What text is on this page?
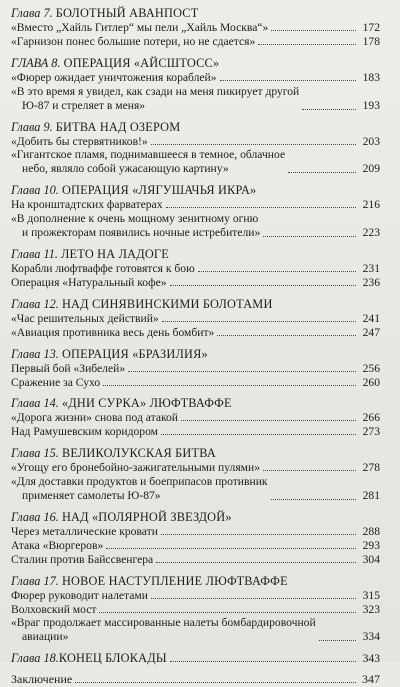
Глава 7. БОЛОТНЫЙ АВАНПОСТ
«Вместо „Хайль Гитлер“ мы пели „Хайль Москва“»	172
«Гарнизон понес большие потери, но не сдается»	178
ГЛАВА 8. ОПЕРАЦИЯ «АЙСШТОСС»
«Фюрер ожидает уничтожения кораблей»	183
«В это время я увидел, как сзади на меня пикирует другой
Ю-87 и стреляет в меня»	193
Глава 9. БИТВА НАД ОЗЕРОМ
«Добить бы стервятников!»	203
«Гигантское пламя, поднимавшееся в темное, облачное
небо, являло собой ужасающую картину»	209
Глава 10. ОПЕРАЦИЯ «ЛЯГУШАЧЬЯ ИКРА»
На кронштадтских фарватерах	216
«В дополнение к очень мощному зенитному огню
и прожекторам появились ночные истребители»	223
Глава 11. ЛЕТО НА ЛАДОГЕ
Корабли люфтваффе готовятся к бою	231
Операция «Натуральный кофе»	236
Глава 12. НАД СИНЯВИНСКИМИ БОЛОТАМИ
«Час решительных действий»	241
«Авиация противника весь день бомбит»	247
Глава 13. ОПЕРАЦИЯ «БРАЗИЛИЯ»
Первый бой «Зибелей»	256
Сражение за Сухо	260
Глава 14. «ДНИ СУРКА» ЛЮФТВАФФЕ
«Дорога жизни» снова под атакой	266
Над Рамушевским коридором	273
Глава 15. ВЕЛИКОЛУКСКАЯ БИТВА
«Угощу его бронебойно-зажигательными пулями»	278
«Для доставки продуктов и боеприпасов противник
применяет самолеты Ю-87»	281
Глава 16. НАД «ПОЛЯРНОЙ ЗВЕЗДОЙ»
Через металлические кровати	288
Атака «Вюргеров»	293
Сталин против Байссвенгера	304
Глава 17. НОВОЕ НАСТУПЛЕНИЕ ЛЮФТВАФФЕ
Фюрер руководит налетами	315
Волховский мост	323
«Враг продолжает массированные налеты бомбардировочной
авиации»	334
Глава 18. КОНЕЦ БЛОКАДЫ	343
Заключение	347
